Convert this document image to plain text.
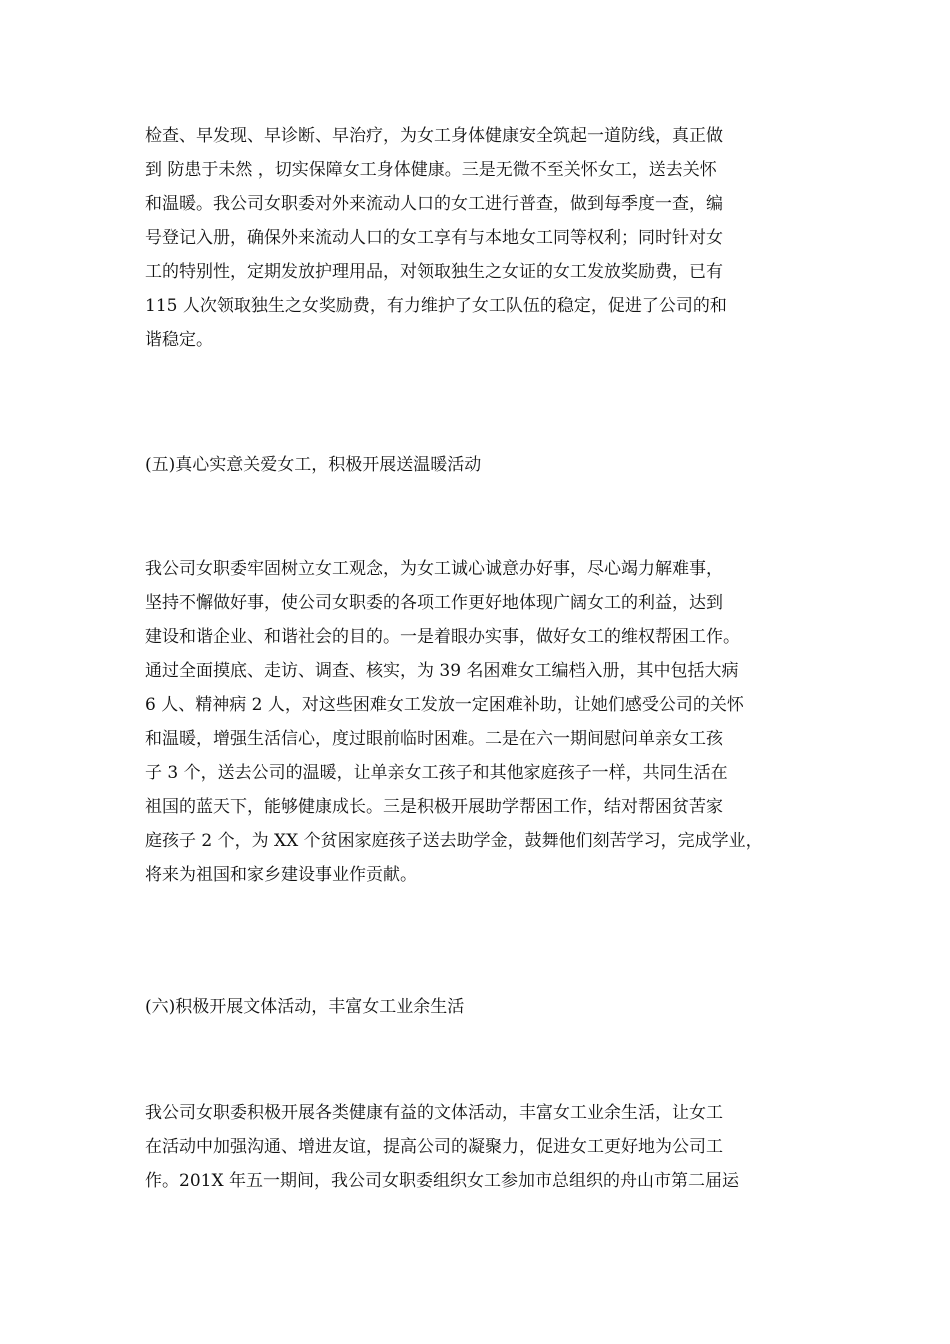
检查、早发现、早诊断、早治疗，为女工身体健康安全筑起一道防线，真正做
到 防患于未然 ，切实保障女工身体健康。三是无微不至关怀女工，送去关怀
和温暖。我公司女职委对外来流动人口的女工进行普查，做到每季度一查，编
号登记入册，确保外来流动人口的女工享有与本地女工同等权利；同时针对女
工的特别性，定期发放护理用品，对领取独生之女证的女工发放奖励费，已有
115 人次领取独生之女奖励费，有力维护了女工队伍的稳定，促进了公司的和
谐稳定。
(五)真心实意关爱女工，积极开展送温暖活动
我公司女职委牢固树立女工观念，为女工诚心诚意办好事，尽心竭力解难事，
坚持不懈做好事，使公司女职委的各项工作更好地体现广阔女工的利益，达到
建设和谐企业、和谐社会的目的。一是着眼办实事，做好女工的维权帮困工作。
通过全面摸底、走访、调查、核实，为 39 名困难女工编档入册，其中包括大病
6 人、精神病 2 人，对这些困难女工发放一定困难补助，让她们感受公司的关怀
和温暖，增强生活信心，度过眼前临时困难。二是在六一期间慰问单亲女工孩
子 3 个，送去公司的温暖，让单亲女工孩子和其他家庭孩子一样，共同生活在
祖国的蓝天下，能够健康成长。三是积极开展助学帮困工作，结对帮困贫苦家
庭孩子 2 个，为 XX 个贫困家庭孩子送去助学金，鼓舞他们刻苦学习，完成学业，
将来为祖国和家乡建设事业作贡献。
(六)积极开展文体活动，丰富女工业余生活
我公司女职委积极开展各类健康有益的文体活动，丰富女工业余生活，让女工
在活动中加强沟通、增进友谊，提高公司的凝聚力，促进女工更好地为公司工
作。201X 年五一期间，我公司女职委组织女工参加市总组织的舟山市第二届运
